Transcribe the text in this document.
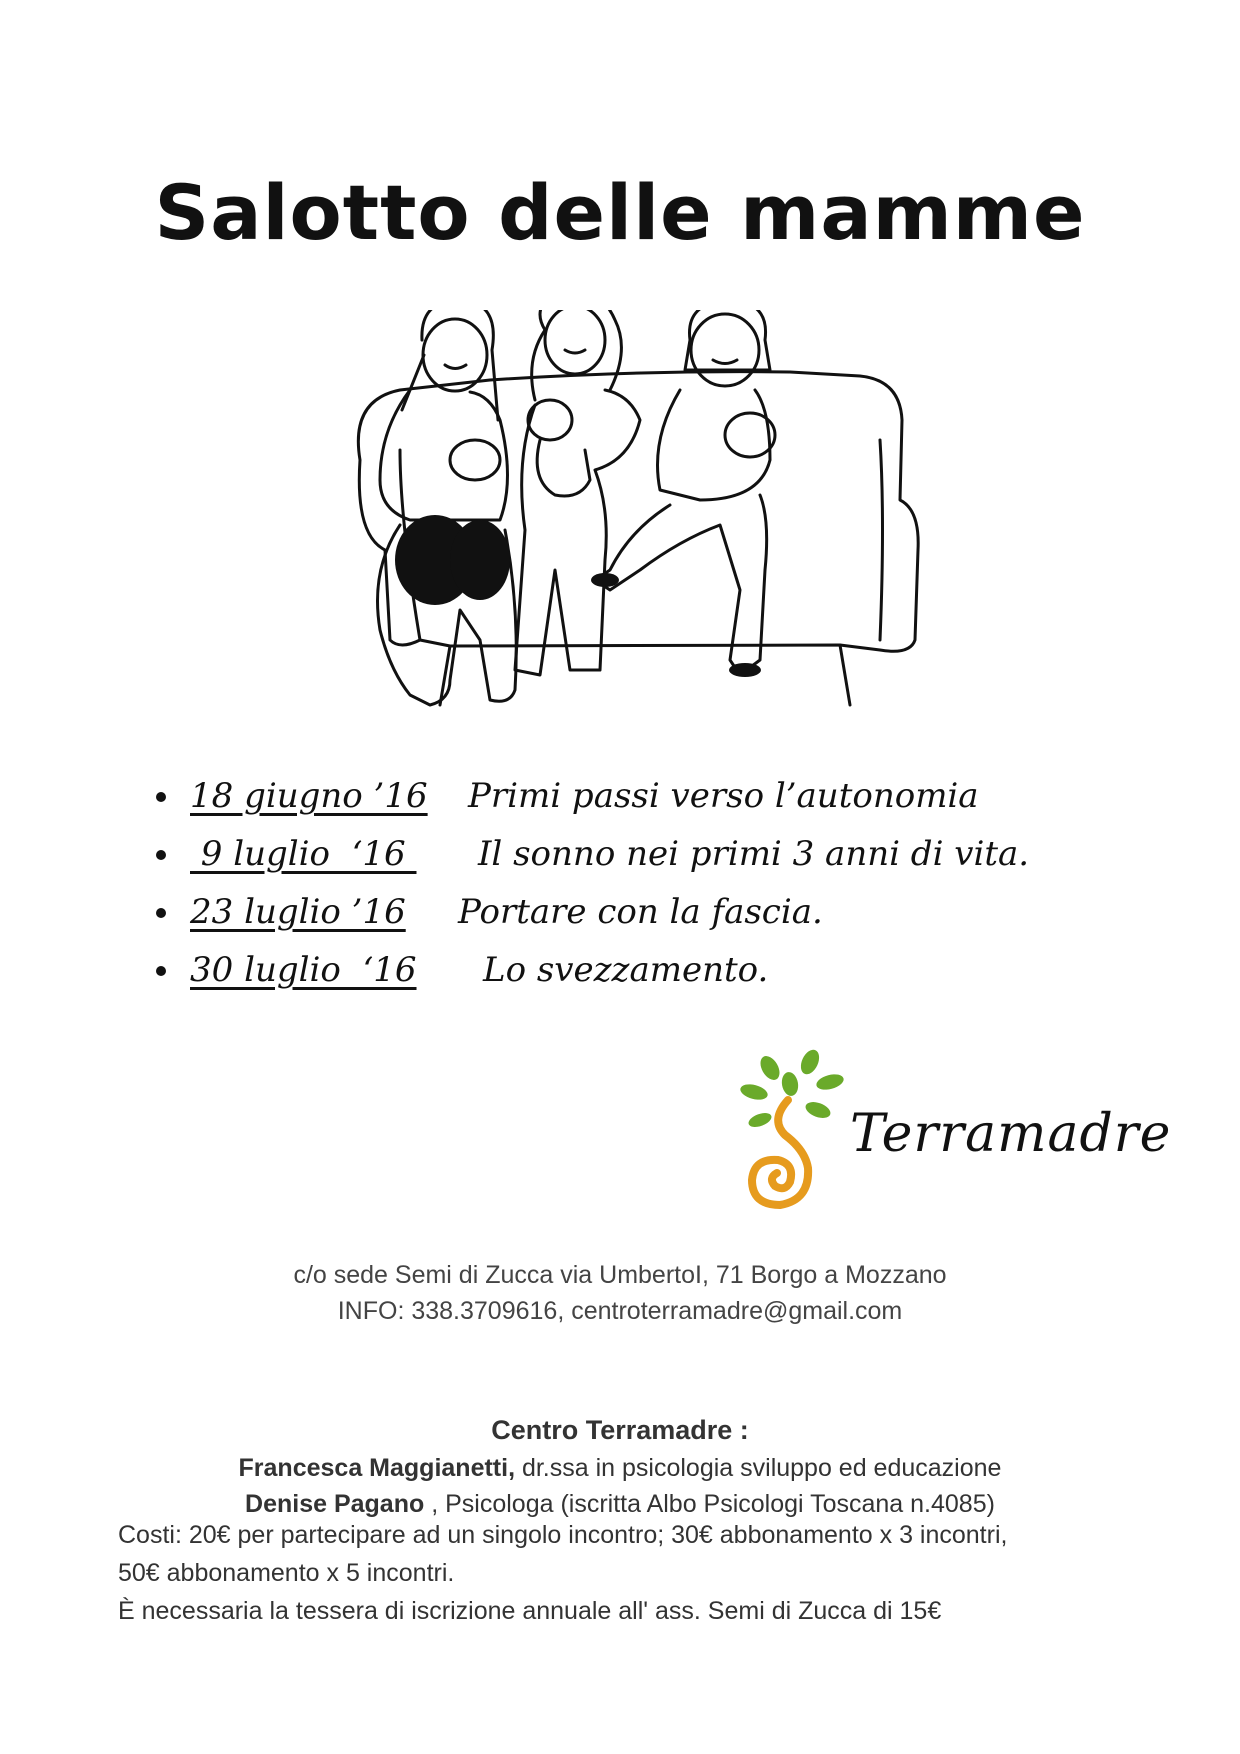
Salotto delle mamme
18 giugno ’16 Primi passi verso l’autonomia
9 luglio  ‘16 Il sonno nei primi 3 anni di vita.
23 luglio ’16 Portare con la fascia.
30 luglio  ‘16 Lo svezzamento.
Terramadre
c/o sede Semi di Zucca via UmbertoI, 71 Borgo a Mozzano
INFO: 338.3709616, centroterramadre@gmail.com
Centro Terramadre :
Francesca Maggianetti, dr.ssa in psicologia sviluppo ed educazione
Denise Pagano , Psicologa (iscritta Albo Psicologi Toscana n.4085)
Costi: 20€ per partecipare ad un singolo incontro; 30€ abbonamento x 3 incontri,
50€ abbonamento x 5 incontri.
È necessaria la tessera di iscrizione annuale all' ass. Semi di Zucca di 15€
